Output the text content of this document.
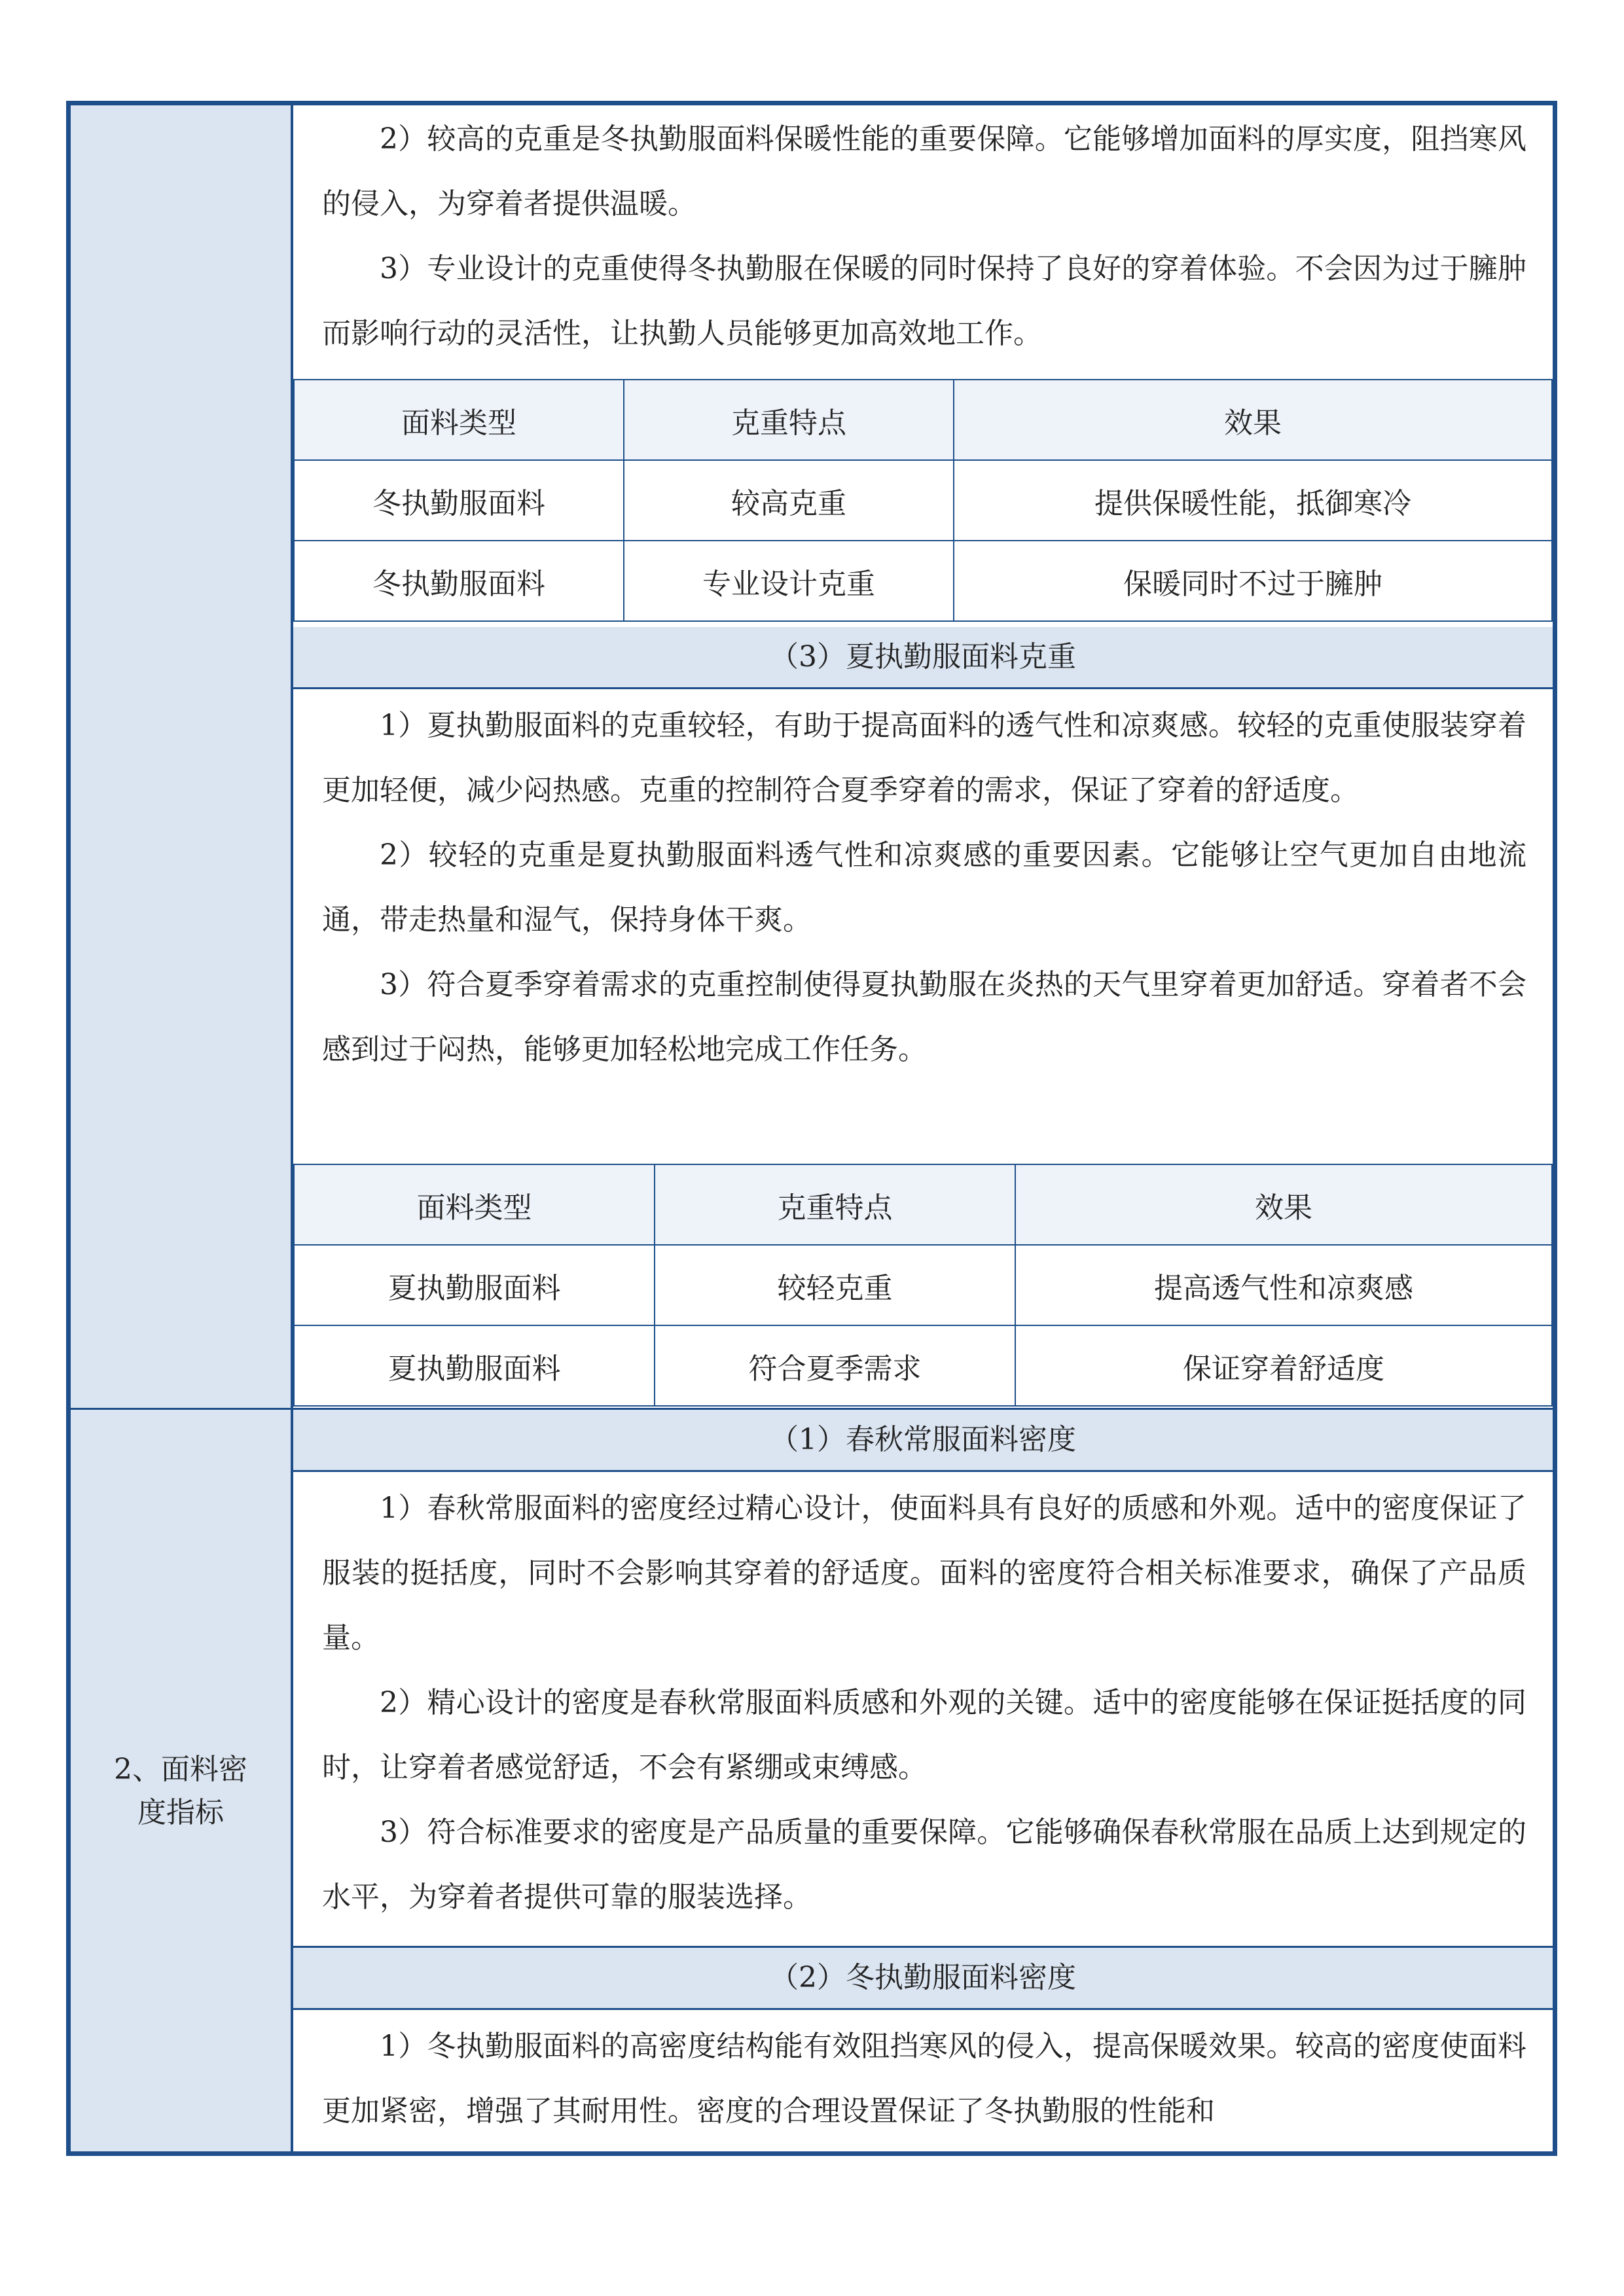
2、面料密
度指标

2）较高的克重是冬执勤服面料保暖性能的重要保障。它能够增加面料的厚实度，阻挡寒风的侵入，为穿着者提供温暖。

3）专业设计的克重使得冬执勤服在保暖的同时保持了良好的穿着体验。不会因为过于臃肿而影响行动的灵活性，让执勤人员能够更加高效地工作。

面料类型	克重特点	效果
冬执勤服面料	较高克重	提供保暖性能，抵御寒冷
冬执勤服面料	专业设计克重	保暖同时不过于臃肿
（3）夏执勤服面料克重

1）夏执勤服面料的克重较轻，有助于提高面料的透气性和凉爽感。较轻的克重使服装穿着更加轻便，减少闷热感。克重的控制符合夏季穿着的需求，保证了穿着的舒适度。

2）较轻的克重是夏执勤服面料透气性和凉爽感的重要因素。它能够让空气更加自由地流通，带走热量和湿气，保持身体干爽。

3）符合夏季穿着需求的克重控制使得夏执勤服在炎热的天气里穿着更加舒适。穿着者不会感到过于闷热，能够更加轻松地完成工作任务。

面料类型	克重特点	效果
夏执勤服面料	较轻克重	提高透气性和凉爽感
夏执勤服面料	符合夏季需求	保证穿着舒适度
（1）春秋常服面料密度

1）春秋常服面料的密度经过精心设计，使面料具有良好的质感和外观。适中的密度保证了服装的挺括度，同时不会影响其穿着的舒适度。面料的密度符合相关标准要求，确保了产品质量。

2）精心设计的密度是春秋常服面料质感和外观的关键。适中的密度能够在保证挺括度的同时，让穿着者感觉舒适，不会有紧绷或束缚感。

3）符合标准要求的密度是产品质量的重要保障。它能够确保春秋常服在品质上达到规定的水平，为穿着者提供可靠的服装选择。

（2）冬执勤服面料密度

1）冬执勤服面料的高密度结构能有效阻挡寒风的侵入，提高保暖效果。较高的密度使面料更加紧密，增强了其耐用性。密度的合理设置保证了冬执勤服的性能和
